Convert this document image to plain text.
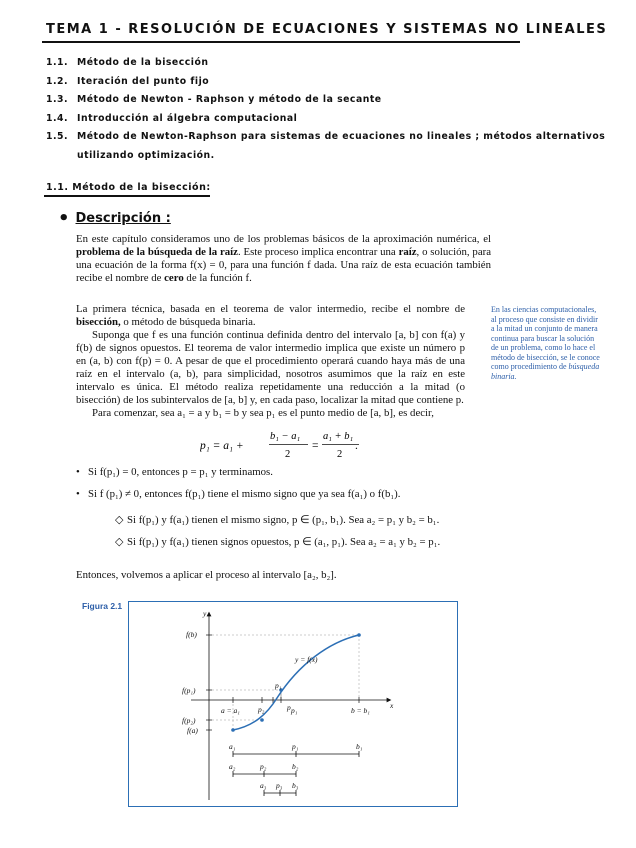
TEMA 1 - RESOLUCIÓN DE ECUACIONES Y SISTEMAS NO LINEALES
1.1. Método de la bisección
1.2. Iteración del punto fijo
1.3. Método de Newton - Raphson y método de la secante
1.4. Introducción al álgebra computacional
1.5. Método de Newton-Raphson para sistemas de ecuaciones no lineales ; métodos alternativos
utilizando optimización.
1.1. Método de la bisección:
• Descripción :
En este capítulo consideramos uno de los problemas básicos de la aproximación numérica, el problema de la búsqueda de la raíz. Este proceso implica encontrar una raíz, o solución, para una ecuación de la forma f(x) = 0, para una función f dada. Una raíz de esta ecuación también recibe el nombre de cero de la función f.
La primera técnica, basada en el teorema de valor intermedio, recibe el nombre de bisección, o método de búsqueda binaria.
Suponga que f es una función continua definida dentro del intervalo [a, b] con f(a) y f(b) de signos opuestos. El teorema de valor intermedio implica que existe un número p en (a, b) con f(p) = 0. A pesar de que el procedimiento operará cuando haya más de una raíz en el intervalo (a, b), para simplicidad, nosotros asumimos que la raíz en este intervalo es única. El método realiza repetidamente una reducción a la mitad (o bisección) de los subintervalos de [a, b] y, en cada paso, localizar la mitad que contiene p.
Para comenzar, sea a₁ = a y b₁ = b y sea p₁ es el punto medio de [a, b], es decir,
En las ciencias computacionales, al proceso que consiste en dividir a la mitad un conjunto de manera continua para buscar la solución de un problema, como lo hace el método de bisección, se le conoce como procedimiento de búsqueda binaria.
p₁ = a₁ +
b₁ − a₁
2
=
a₁ + b₁
2
.
• Si f(p₁) = 0, entonces p = p₁ y terminamos.
• Si f (p₁) ≠ 0, entonces f(p₁) tiene el mismo signo que ya sea f(a₁) o f(b₁).
◇ Si f(p₁) y f(a₁) tienen el mismo signo, p ∈ (p₁, b₁). Sea a₂ = p₁ y b₂ = b₁.
◇ Si f(p₁) y f(a₁) tienen signos opuestos, p ∈ (a₁, p₁). Sea a₂ = a₁ y b₂ = p₁.
Entonces, volvemos a aplicar el proceso al intervalo [a₂, b₂].
Figura 2.1
y
x
f(b)
f(p₁)
f(p₂)
f(a)
y = f(x)
p₁
a = a₁ p₂	p p₁	b = b₁
a₁	p₁	b₁
a₂	p₂	b₂
a₃ p₃ b₃
